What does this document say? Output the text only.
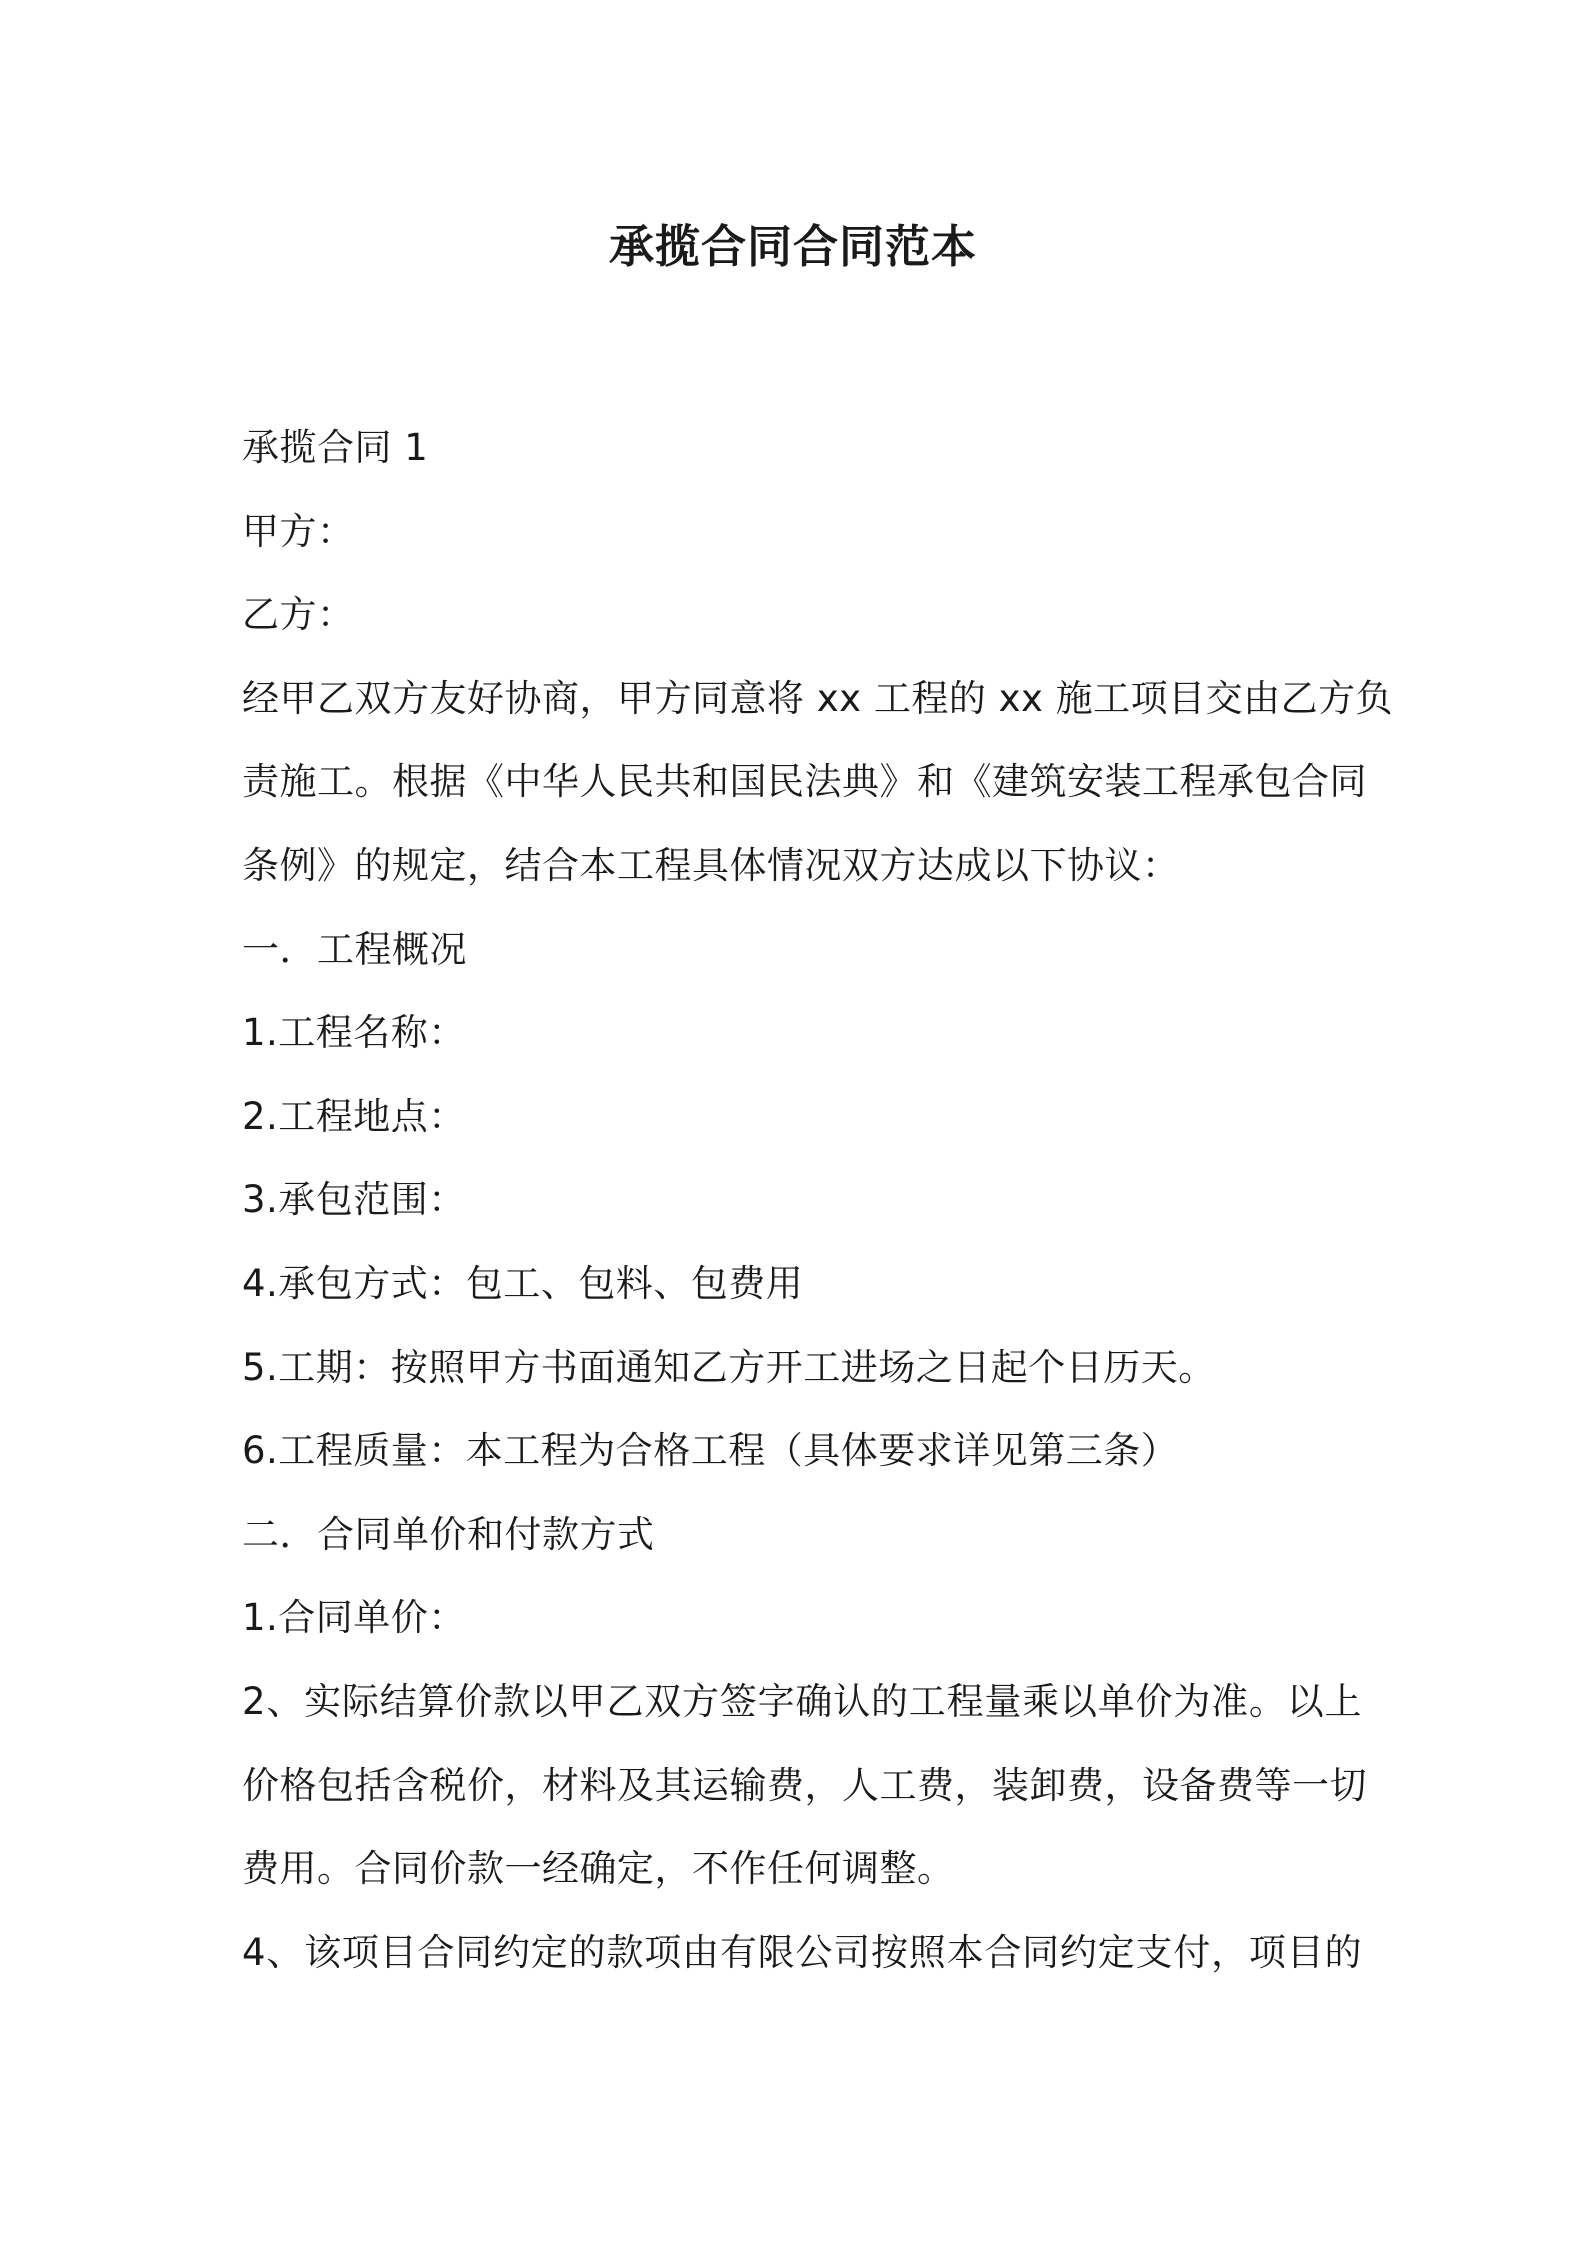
承揽合同合同范本

承揽合同 1

甲方：

乙方：

经甲乙双方友好协商，甲方同意将 xx 工程的 xx 施工项目交由乙方负

责施工。根据《中华人民共和国民法典》和《建筑安装工程承包合同

条例》的规定，结合本工程具体情况双方达成以下协议：

一．工程概况

1.工程名称：

2.工程地点：

3.承包范围：

4.承包方式：包工、包料、包费用

5.工期：按照甲方书面通知乙方开工进场之日起个日历天。

6.工程质量：本工程为合格工程（具体要求详见第三条）

二．合同单价和付款方式

1.合同单价：

2、实际结算价款以甲乙双方签字确认的工程量乘以单价为准。以上

价格包括含税价，材料及其运输费，人工费，装卸费，设备费等一切

费用。合同价款一经确定，不作任何调整。

4、该项目合同约定的款项由有限公司按照本合同约定支付，项目的
